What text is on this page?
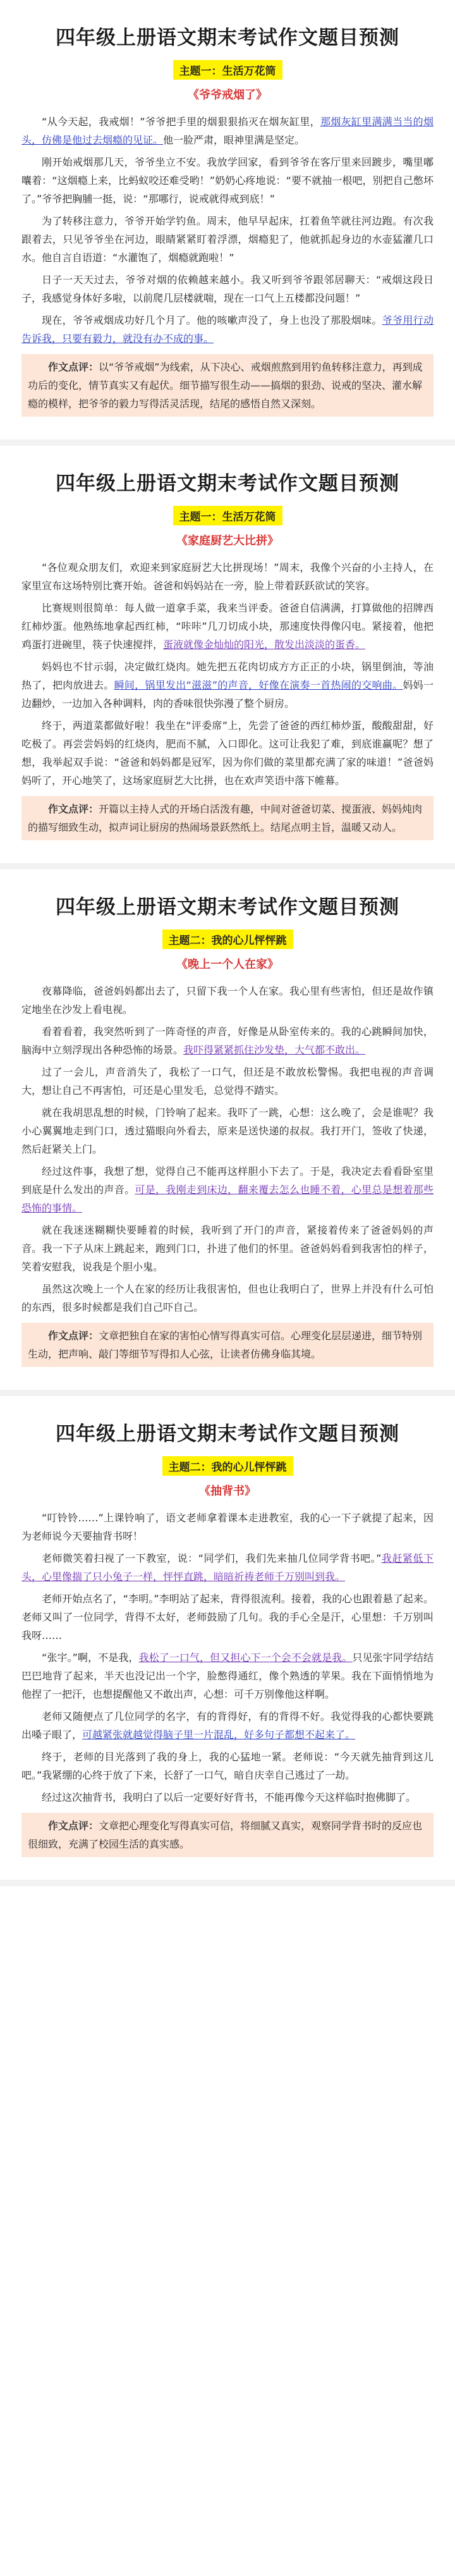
四年级上册语文期末考试作文题目预测
主题一：生活万花筒
《爷爷戒烟了》

“从今天起，我戒烟！”爷爷把手里的烟狠狠掐灭在烟灰缸里，那烟灰缸里满满当当的烟头，仿佛是他过去烟瘾的见证。他一脸严肃，眼神里满是坚定。

刚开始戒烟那几天，爷爷坐立不安。我放学回家，看到爷爷在客厅里来回踱步，嘴里嘟囔着：“这烟瘾上来，比蚂蚁咬还难受哟！”奶奶心疼地说：“要不就抽一根吧，别把自己憋坏了。”爷爷把胸脯一挺，说：“那哪行，说戒就得戒到底！”

为了转移注意力，爷爷开始学钓鱼。周末，他早早起床，扛着鱼竿就往河边跑。有次我跟着去，只见爷爷坐在河边，眼睛紧紧盯着浮漂，烟瘾犯了，他就抓起身边的水壶猛灌几口水。他自言自语道：“水灌饱了，烟瘾就跑啦！”

日子一天天过去，爷爷对烟的依赖越来越小。我又听到爷爷跟邻居聊天：“戒烟这段日子，我感觉身体好多啦，以前爬几层楼就喘，现在一口气上五楼都没问题！”

现在，爷爷戒烟成功好几个月了。他的咳嗽声没了，身上也没了那股烟味。爷爷用行动告诉我，只要有毅力，就没有办不成的事。

作文点评：以“爷爷戒烟”为线索，从下决心、戒烟煎熬到用钓鱼转移注意力，再到成功后的变化，情节真实又有起伏。细节描写很生动——搞烟的狠劲、说戒的坚决、灌水解瘾的模样，把爷爷的毅力写得活灵活现，结尾的感悟自然又深刻。
四年级上册语文期末考试作文题目预测
主题一：生活万花筒
《家庭厨艺大比拼》

“各位观众朋友们，欢迎来到家庭厨艺大比拼现场！”周末，我像个兴奋的小主持人，在家里宣布这场特别比赛开始。爸爸和妈妈站在一旁，脸上带着跃跃欲试的笑容。

比赛规则很简单：每人做一道拿手菜，我来当评委。爸爸自信满满，打算做他的招牌西红柿炒蛋。他熟练地拿起西红柿，“咔咔”几刀切成小块，那速度快得像闪电。紧接着，他把鸡蛋打进碗里，筷子快速搅拌，蛋液就像金灿灿的阳光，散发出淡淡的蛋香。

妈妈也不甘示弱，决定做红烧肉。她先把五花肉切成方方正正的小块，锅里倒油，等油热了，把肉放进去。瞬间，锅里发出“滋滋”的声音，好像在演奏一首热闹的交响曲。妈妈一边翻炒，一边加入各种调料，肉的香味很快弥漫了整个厨房。

终于，两道菜都做好啦！我坐在“评委席”上，先尝了爸爸的西红柿炒蛋，酸酸甜甜，好吃极了。再尝尝妈妈的红烧肉，肥而不腻，入口即化。这可让我犯了难，到底谁赢呢？想了想，我举起双手说：“爸爸和妈妈都是冠军，因为你们做的菜里都充满了家的味道！”爸爸妈妈听了，开心地笑了，这场家庭厨艺大比拼，也在欢声笑语中落下帷幕。

作文点评：开篇以主持人式的开场白活泼有趣，中间对爸爸切菜、搅蛋液、妈妈炖肉的描写细致生动，拟声词让厨房的热闹场景跃然纸上。结尾点明主旨，温暖又动人。
四年级上册语文期末考试作文题目预测
主题二：我的心儿怦怦跳
《晚上一个人在家》

夜幕降临，爸爸妈妈都出去了，只留下我一个人在家。我心里有些害怕，但还是故作镇定地坐在沙发上看电视。

看着看着，我突然听到了一阵奇怪的声音，好像是从卧室传来的。我的心跳瞬间加快，脑海中立刻浮现出各种恐怖的场景。我吓得紧紧抓住沙发垫，大气都不敢出。

过了一会儿，声音消失了，我松了一口气，但还是不敢放松警惕。我把电视的声音调大，想让自己不再害怕，可还是心里发毛，总觉得不踏实。

就在我胡思乱想的时候，门铃响了起来。我吓了一跳，心想：这么晚了，会是谁呢？我小心翼翼地走到门口，透过猫眼向外看去，原来是送快递的叔叔。我打开门，签收了快递，然后赶紧关上门。

经过这件事，我想了想，觉得自己不能再这样胆小下去了。于是，我决定去看看卧室里到底是什么发出的声音。可是，我刚走到床边，翻来覆去怎么也睡不着，心里总是想着那些恐怖的事情。

就在我迷迷糊糊快要睡着的时候，我听到了开门的声音，紧接着传来了爸爸妈妈的声音。我一下子从床上跳起来，跑到门口，扑进了他们的怀里。爸爸妈妈看到我害怕的样子，笑着安慰我，说我是个胆小鬼。

虽然这次晚上一个人在家的经历让我很害怕，但也让我明白了，世界上并没有什么可怕的东西，很多时候都是我们自己吓自己。

作文点评：文章把独自在家的害怕心情写得真实可信。心理变化层层递进，细节特别生动，把声响、敲门等细节写得扣人心弦，让读者仿佛身临其境。
四年级上册语文期末考试作文题目预测
主题二：我的心儿怦怦跳
《抽背书》

“叮铃铃……”上课铃响了，语文老师拿着课本走进教室，我的心一下子就提了起来，因为老师说今天要抽背书呀！

老师微笑着扫视了一下教室，说：“同学们，我们先来抽几位同学背书吧。”我赶紧低下头，心里像揣了只小兔子一样，怦怦直跳，暗暗祈祷老师千万别叫到我。

老师开始点名了，“李明。”李明站了起来，背得很流利。接着，我的心也跟着悬了起来。老师又叫了一位同学，背得不太好，老师鼓励了几句。我的手心全是汗，心里想：千万别叫我呀……

“张宇。”啊，不是我，我松了一口气，但又担心下一个会不会就是我。只见张宇同学结结巴巴地背了起来，半天也没记出一个字，脸憋得通红，像个熟透的苹果。我在下面悄悄地为他捏了一把汗，也想提醒他又不敢出声，心想：可千万别像他这样啊。

老师又随便点了几位同学的名字，有的背得好，有的背得不好。我觉得我的心都快要跳出嗓子眼了，可越紧张就越觉得脑子里一片混乱，好多句子都想不起来了。

终于，老师的目光落到了我的身上，我的心猛地一紧。老师说：“今天就先抽背到这儿吧。”我紧绷的心终于放了下来，长舒了一口气，暗自庆幸自己逃过了一劫。

经过这次抽背书，我明白了以后一定要好好背书，不能再像今天这样临时抱佛脚了。

作文点评：文章把心理变化写得真实可信，将细腻又真实，观察同学背书时的反应也很细致，充满了校园生活的真实感。
